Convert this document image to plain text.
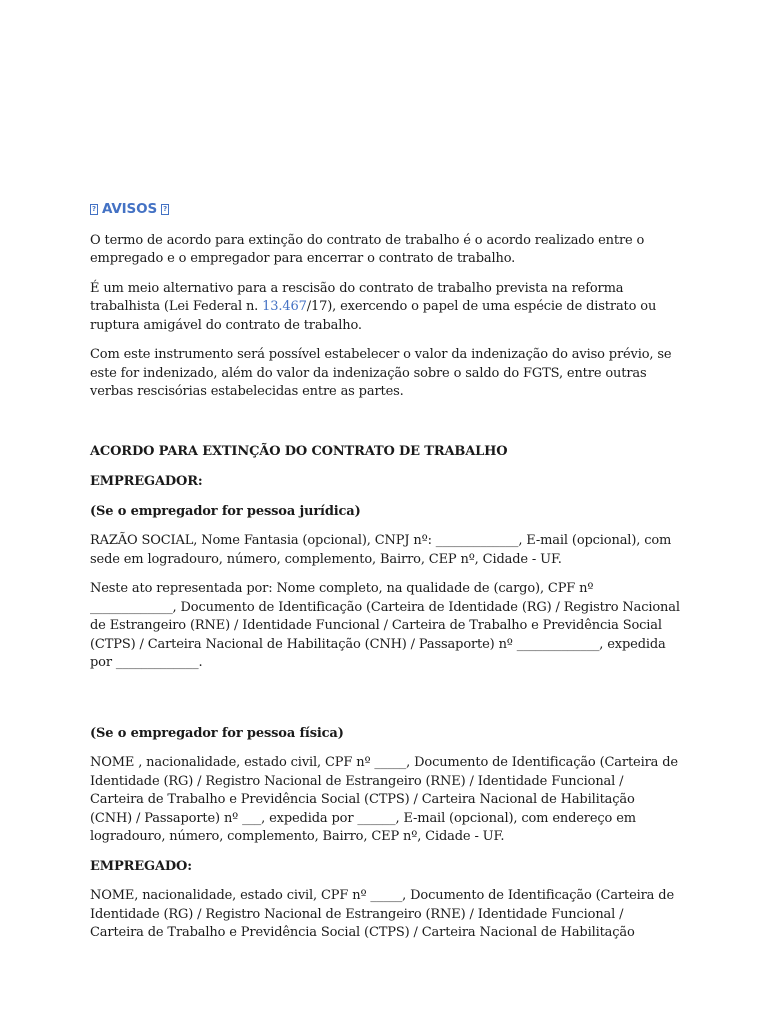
? AVISOS ?

O termo de acordo para extinção do contrato de trabalho é o acordo realizado entre o empregado e o empregador para encerrar o contrato de trabalho.

É um meio alternativo para a rescisão do contrato de trabalho prevista na reforma trabalhista (Lei Federal n. 13.467/17), exercendo o papel de uma espécie de distrato ou ruptura amigável do contrato de trabalho.

Com este instrumento será possível estabelecer o valor da indenização do aviso prévio, se este for indenizado, além do valor da indenização sobre o saldo do FGTS, entre outras verbas rescisórias estabelecidas entre as partes.

ACORDO PARA EXTINÇÃO DO CONTRATO DE TRABALHO

EMPREGADOR:

(Se o empregador for pessoa jurídica)

RAZÃO SOCIAL, Nome Fantasia (opcional), CNPJ nº: _____________, E-mail (opcional), com sede em logradouro, número, complemento, Bairro, CEP nº, Cidade - UF.

Neste ato representada por: Nome completo, na qualidade de (cargo), CPF nº _____________, Documento de Identificação (Carteira de Identidade (RG) / Registro Nacional de Estrangeiro (RNE) / Identidade Funcional / Carteira de Trabalho e Previdência Social (CTPS) / Carteira Nacional de Habilitação (CNH) / Passaporte) nº _____________, expedida por _____________.

(Se o empregador for pessoa física)

NOME , nacionalidade, estado civil, CPF nº _____, Documento de Identificação (Carteira de Identidade (RG) / Registro Nacional de Estrangeiro (RNE) / Identidade Funcional / Carteira de Trabalho e Previdência Social (CTPS) / Carteira Nacional de Habilitação (CNH) / Passaporte) nº ___, expedida por ______, E-mail (opcional), com endereço em logradouro, número, complemento, Bairro, CEP nº, Cidade - UF.

EMPREGADO:

NOME, nacionalidade, estado civil, CPF nº _____, Documento de Identificação (Carteira de Identidade (RG) / Registro Nacional de Estrangeiro (RNE) / Identidade Funcional / Carteira de Trabalho e Previdência Social (CTPS) / Carteira Nacional de Habilitação
